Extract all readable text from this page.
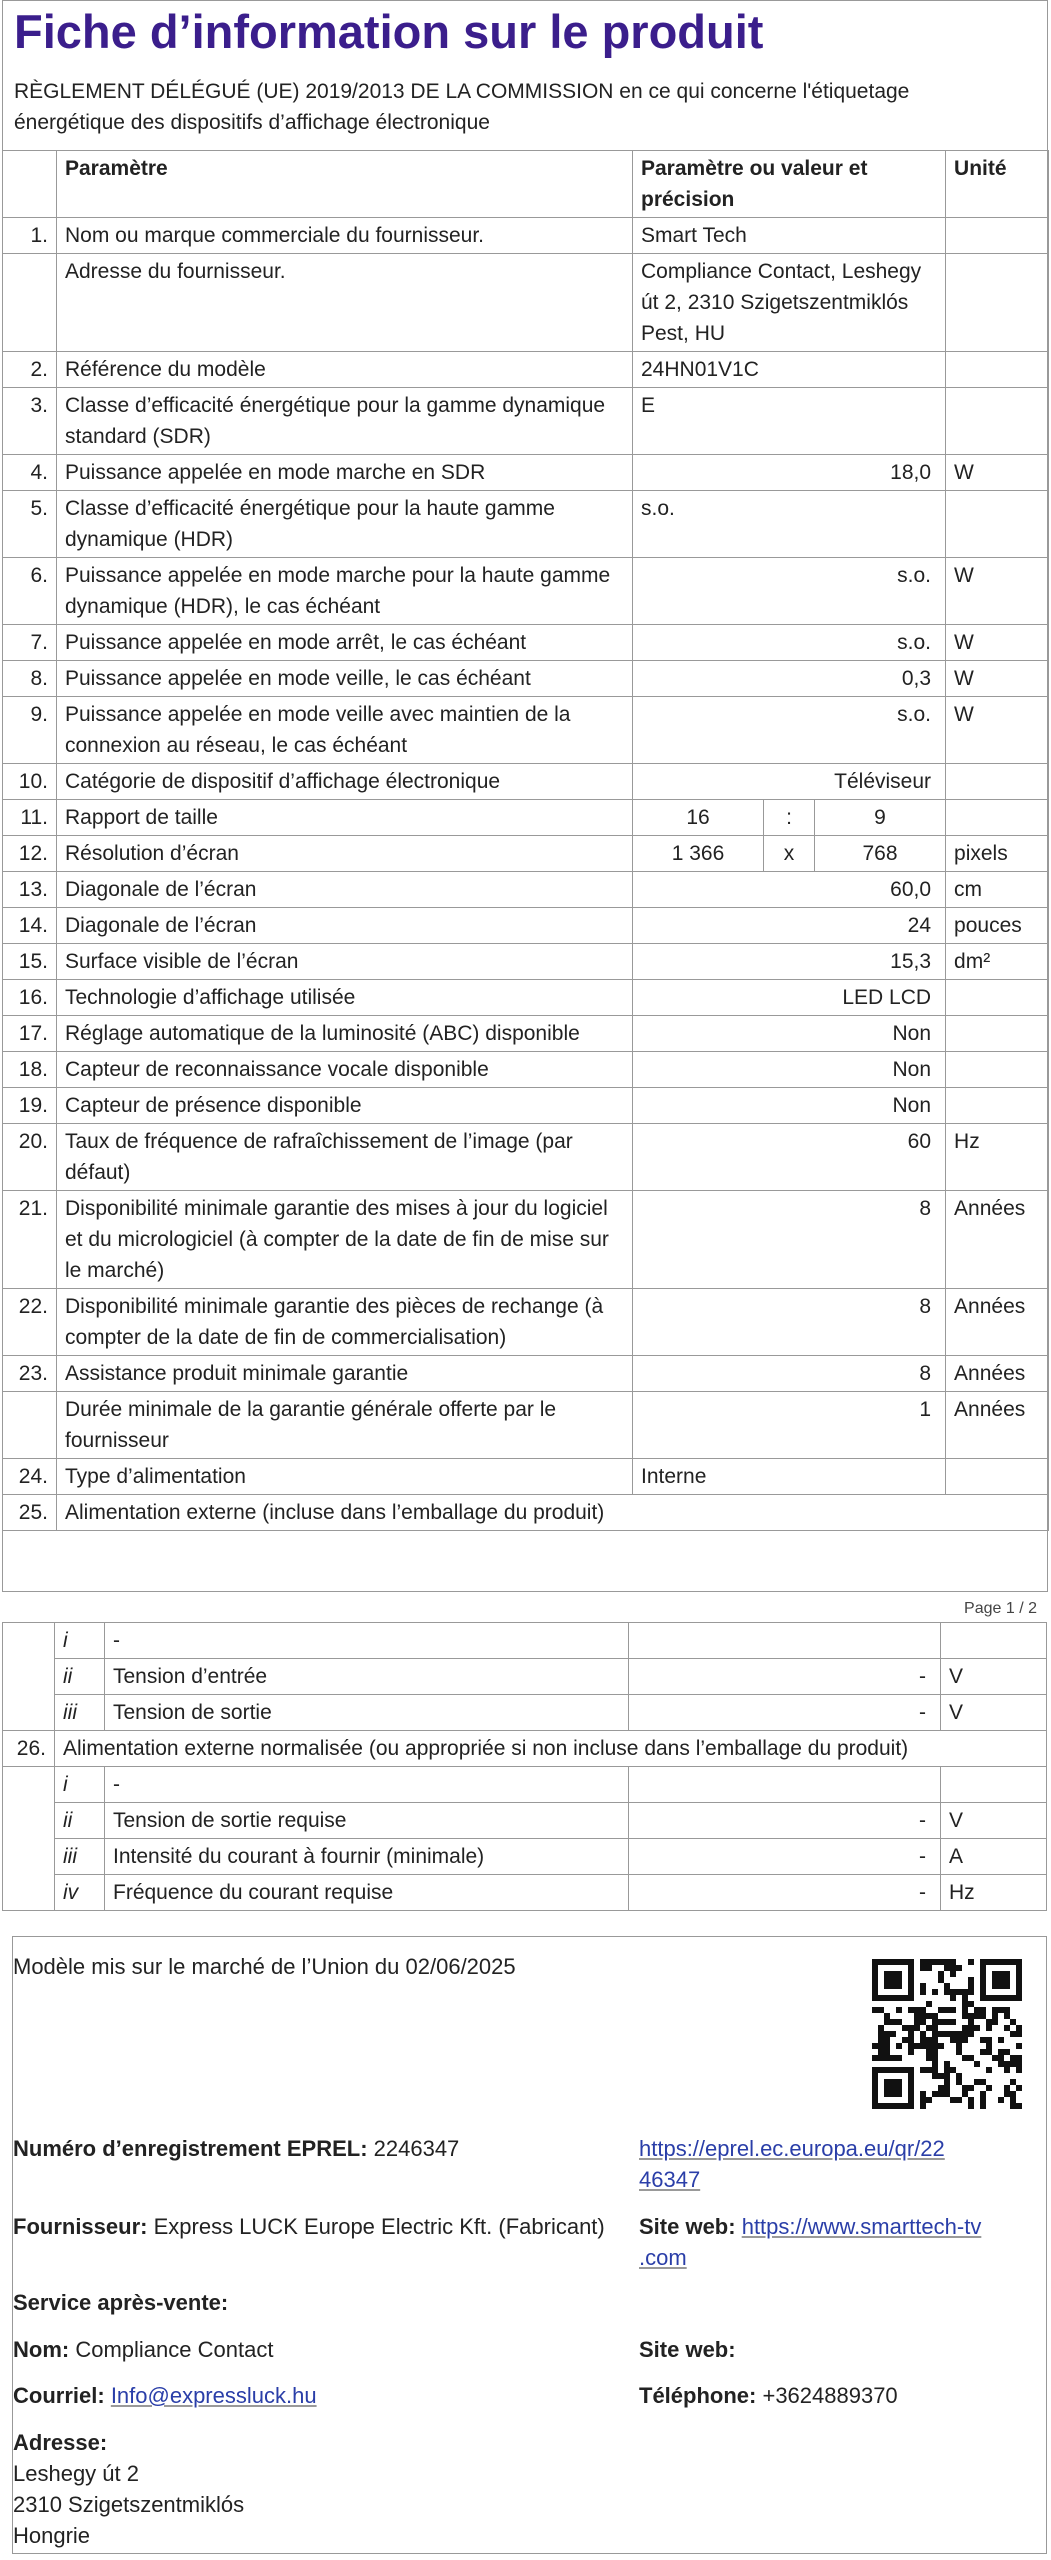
Fiche d’information sur le produit
RÈGLEMENT DÉLÉGUÉ (UE) 2019/2013 DE LA COMMISSION en ce qui concerne l'étiquetage énergétique des dispositifs d’affichage électronique
	Paramètre	Paramètre ou valeur et précision			Unité
1.	Nom ou marque commerciale du fournisseur.	Smart Tech			
	Adresse du fournisseur.	Compliance Contact, Leshegy út 2, 2310 Szigetszentmiklós Pest, HU			
2.	Référence du modèle	24HN01V1C			
3.	Classe d’efficacité énergétique pour la gamme dynamique standard (SDR)	E			
4.	Puissance appelée en mode marche en SDR	18,0			W
5.	Classe d’efficacité énergétique pour la haute gamme dynamique (HDR)	s.o.			
6.	Puissance appelée en mode marche pour la haute gamme dynamique (HDR), le cas échéant	s.o.			W
7.	Puissance appelée en mode arrêt, le cas échéant	s.o.			W
8.	Puissance appelée en mode veille, le cas échéant	0,3			W
9.	Puissance appelée en mode veille avec maintien de la connexion au réseau, le cas échéant	s.o.			W
10.	Catégorie de dispositif d’affichage électronique	Téléviseur			
11.	Rapport de taille	16	:	9	
12.	Résolution d’écran	1 366	x	768	pixels
13.	Diagonale de l’écran	60,0			cm
14.	Diagonale de l’écran	24			pouces
15.	Surface visible de l’écran	15,3			dm²
16.	Technologie d’affichage utilisée	LED LCD			
17.	Réglage automatique de la luminosité (ABC) disponible	Non			
18.	Capteur de reconnaissance vocale disponible	Non			
19.	Capteur de présence disponible	Non			
20.	Taux de fréquence de rafraîchissement de l’image (par défaut)	60			Hz
21.	Disponibilité minimale garantie des mises à jour du logiciel et du micrologiciel (à compter de la date de fin de mise sur le marché)	8			Années
22.	Disponibilité minimale garantie des pièces de rechange (à compter de la date de fin de commercialisation)	8			Années
23.	Assistance produit minimale garantie	8			Années
	Durée minimale de la garantie générale offerte par le fournisseur	1			Années
24.	Type d’alimentation	Interne			
25.	Alimentation externe (incluse dans l’emballage du produit)				
Page 1 / 2
	i	-		
	ii	Tension d’entrée	-	V
	iii	Tension de sortie	-	V
26.	Alimentation externe normalisée (ou appropriée si non incluse dans l’emballage du produit)			
	i	-		
	ii	Tension de sortie requise	-	V
	iii	Intensité du courant à fournir (minimale)	-	A
	iv	Fréquence du courant requise	-	Hz
Modèle mis sur le marché de l’Union du 02/06/2025
Numéro d’enregistrement EPREL: 2246347	https://eprel.ec.europa.eu/qr/22
46347
Fournisseur: Express LUCK Europe Electric Kft. (Fabricant) Site web: https://www.smarttech-tv
.com
Service après-vente:
Nom: Compliance Contact	Site web:
Courriel: Info@expressluck.hu	Téléphone: +3624889370
Adresse:
Leshegy út 2
2310 Szigetszentmiklós
Hongrie
